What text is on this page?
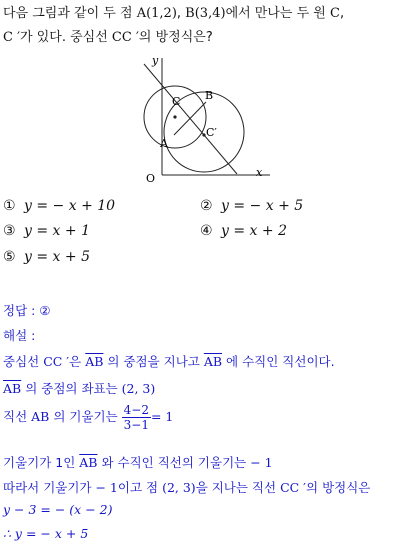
다음 그림과 같이 두 점 A(1,2), B(3,4)에서 만나는 두 원 C,
C ′가 있다. 중심선 CC ′의 방정식은?
y
x
O
C B
A
C′
① y = − x + 10	② y = − x + 5
③ y = x + 1	④ y = x + 2
⑤ y = x + 5
정답 : ②
해설 :
중심선 CC ′은 $\overline{AB}$ 의 중점을 지나고 $\overline{AB}$ 에 수직인 직선이다.
$\overline{AB}$ 의 중점의 좌표는 (2, 3)
직선 AB 의 기울기는 $\frac{4-2}{3-1} = 1$
기울기가 1인 $\overline{AB}$ 와 수직인 직선의 기울기는 − 1
따라서 기울기가 − 1이고 점 (2, 3)을 지나는 직선 CC ′의 방정식은
y − 3 = − (x − 2)
∴ y = − x + 5
